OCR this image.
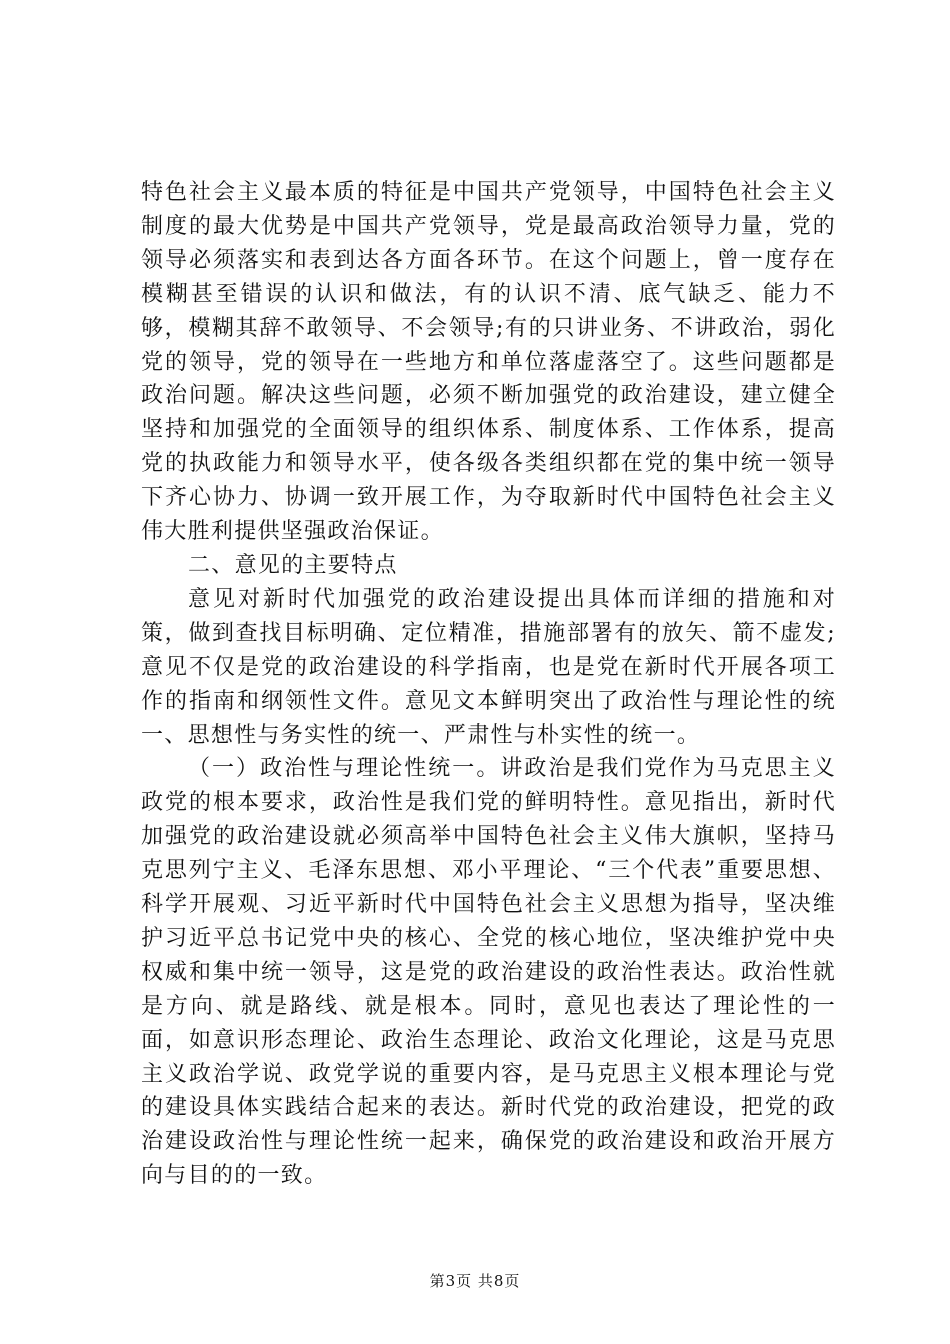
特色社会主义最本质的特征是中国共产党领导，中国特色社会主义制度的最大优势是中国共产党领导，党是最高政治领导力量，党的领导必须落实和表到达各方面各环节。在这个问题上，曾一度存在模糊甚至错误的认识和做法，有的认识不清、底气缺乏、能力不够，模糊其辞不敢领导、不会领导;有的只讲业务、不讲政治，弱化党的领导，党的领导在一些地方和单位落虚落空了。这些问题都是政治问题。解决这些问题，必须不断加强党的政治建设，建立健全坚持和加强党的全面领导的组织体系、制度体系、工作体系，提高党的执政能力和领导水平，使各级各类组织都在党的集中统一领导下齐心协力、协调一致开展工作，为夺取新时代中国特色社会主义伟大胜利提供坚强政治保证。

二、意见的主要特点

意见对新时代加强党的政治建设提出具体而详细的措施和对策，做到查找目标明确、定位精准，措施部署有的放矢、箭不虚发;意见不仅是党的政治建设的科学指南，也是党在新时代开展各项工作的指南和纲领性文件。意见文本鲜明突出了政治性与理论性的统一、思想性与务实性的统一、严肃性与朴实性的统一。

（一）政治性与理论性统一。讲政治是我们党作为马克思主义政党的根本要求，政治性是我们党的鲜明特性。意见指出，新时代加强党的政治建设就必须高举中国特色社会主义伟大旗帜，坚持马克思列宁主义、毛泽东思想、邓小平理论、“三个代表”重要思想、科学开展观、习近平新时代中国特色社会主义思想为指导，坚决维护习近平总书记党中央的核心、全党的核心地位，坚决维护党中央权威和集中统一领导，这是党的政治建设的政治性表达。政治性就是方向、就是路线、就是根本。同时，意见也表达了理论性的一面，如意识形态理论、政治生态理论、政治文化理论，这是马克思主义政治学说、政党学说的重要内容，是马克思主义根本理论与党的建设具体实践结合起来的表达。新时代党的政治建设，把党的政治建设政治性与理论性统一起来，确保党的政治建设和政治开展方向与目的的一致。

第3页 共8页
